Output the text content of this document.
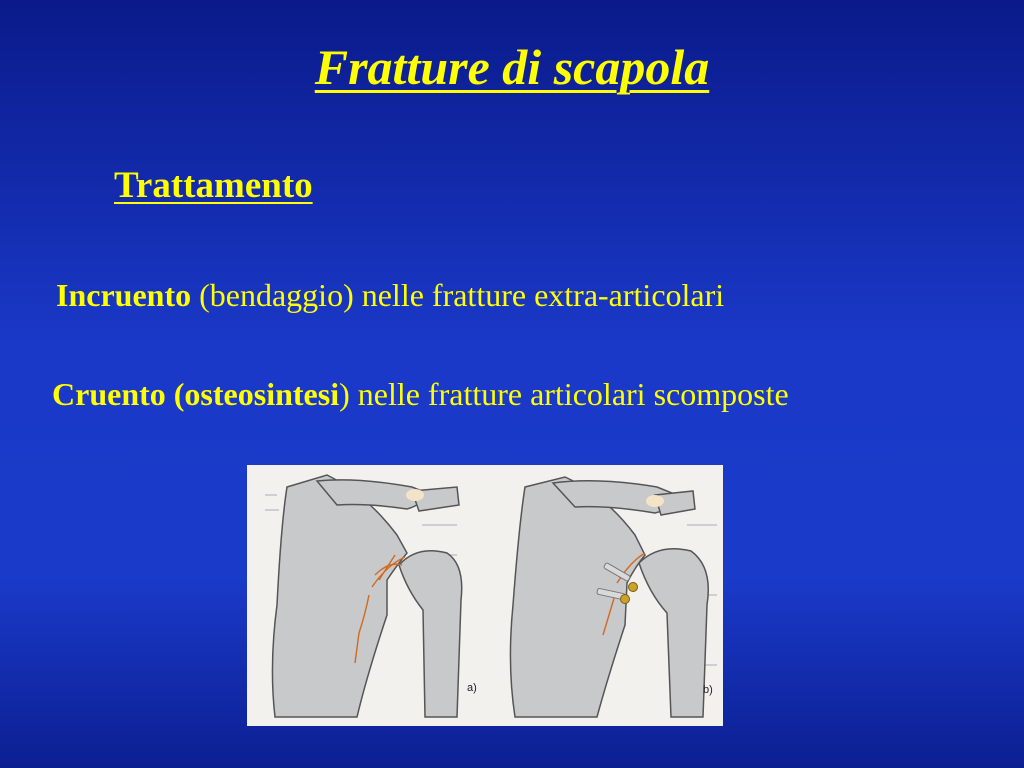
Fratture di scapola
Trattamento
Incruento (bendaggio) nelle fratture extra-articolari
Cruento (osteosintesi) nelle fratture articolari scomposte
a)	b)
